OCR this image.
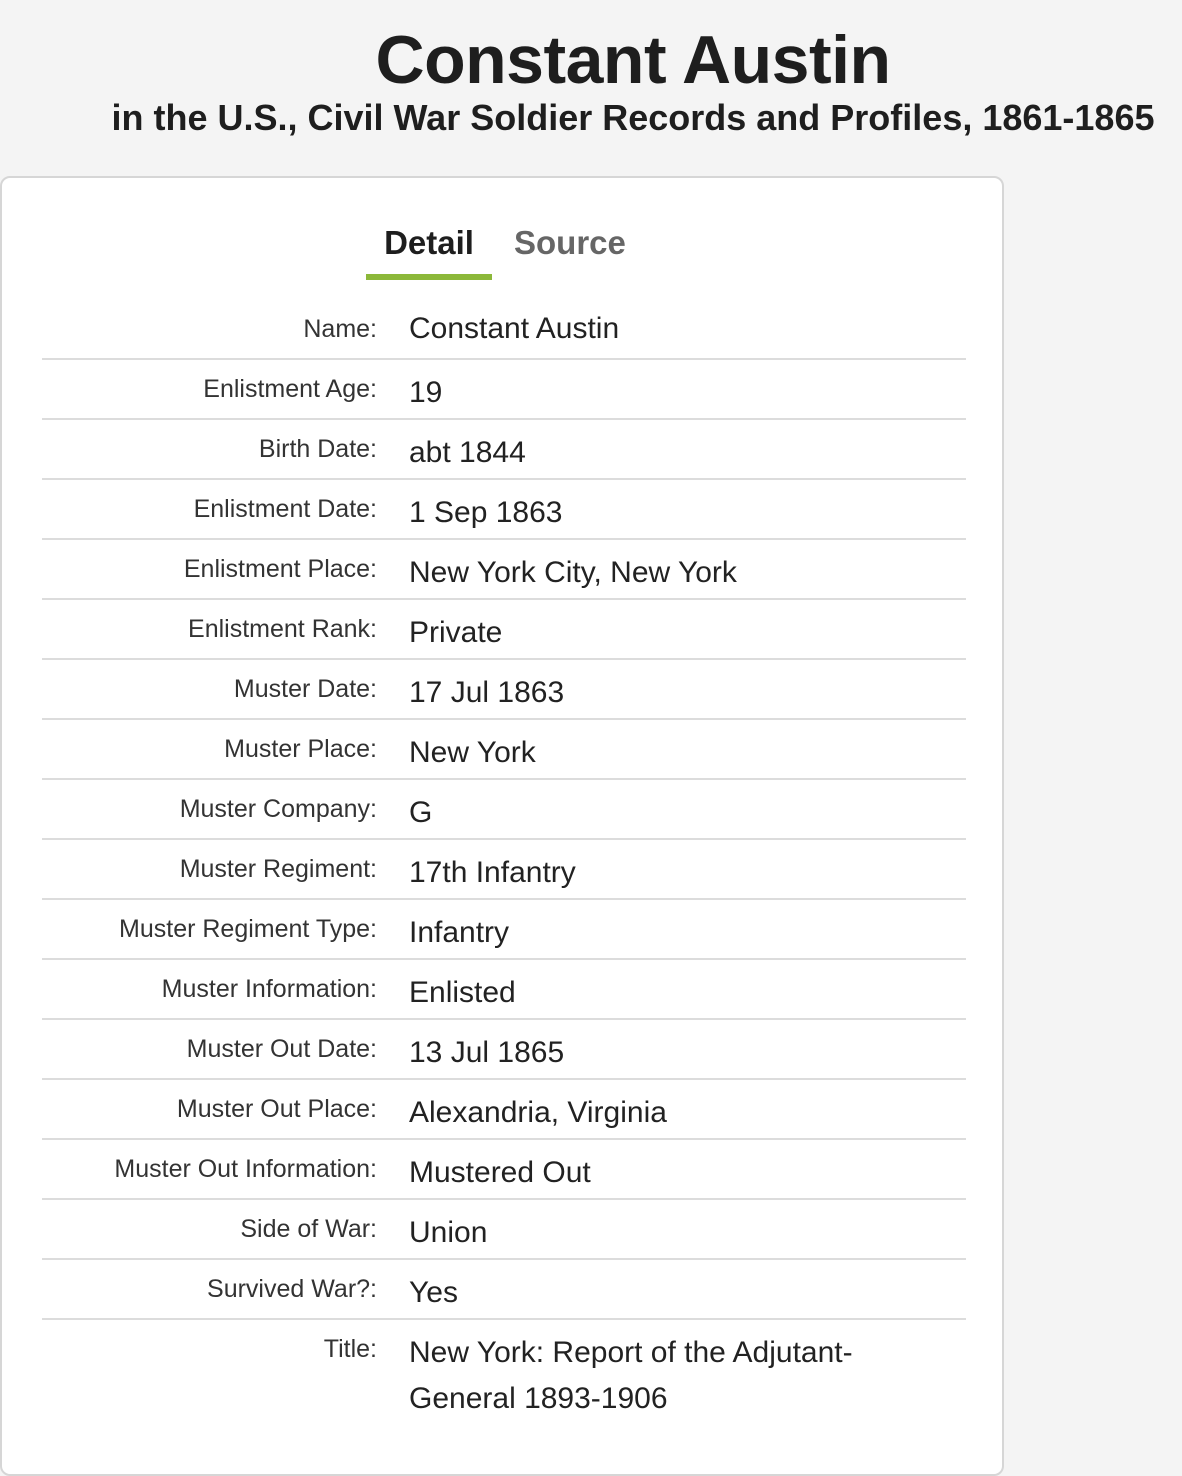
Constant Austin
in the U.S., Civil War Soldier Records and Profiles, 1861-1865
Detail	Source
Name: Constant Austin
Enlistment Age: 19
Birth Date: abt 1844
Enlistment Date: 1 Sep 1863
Enlistment Place: New York City, New York
Enlistment Rank: Private
Muster Date: 17 Jul 1863
Muster Place: New York
Muster Company: G
Muster Regiment: 17th Infantry
Muster Regiment Type: Infantry
Muster Information: Enlisted
Muster Out Date: 13 Jul 1865
Muster Out Place: Alexandria, Virginia
Muster Out Information: Mustered Out
Side of War: Union
Survived War?: Yes
Title: New York: Report of the Adjutant-General 1893-1906
